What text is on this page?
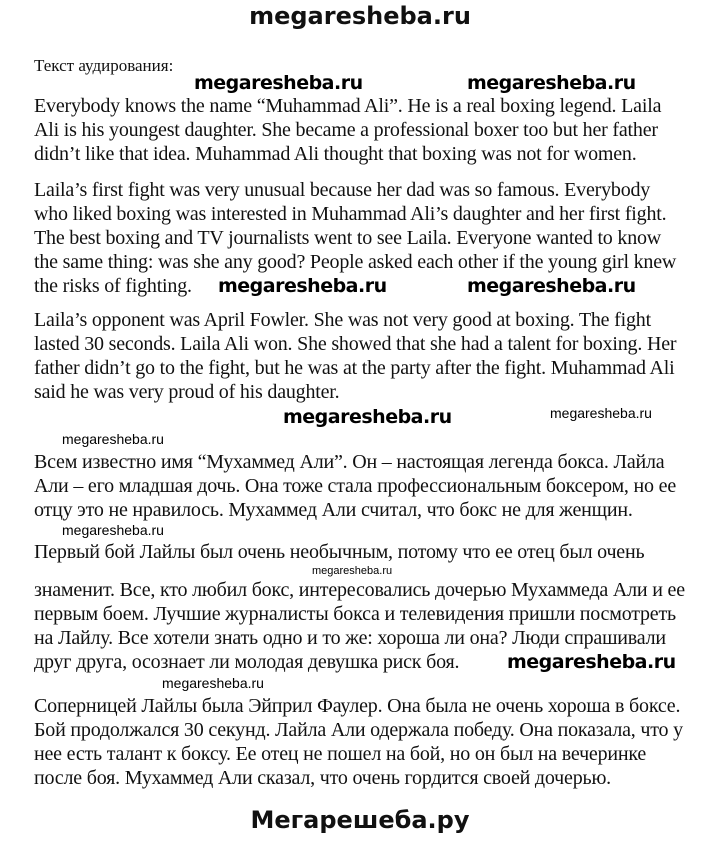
megaresheba.ru
Текст аудирования:
Everybody knows the name “Muhammad Ali”. He is a real boxing legend. Laila
Ali is his youngest daughter. She became a professional boxer too but her father
didn’t like that idea. Muhammad Ali thought that boxing was not for women.
Laila’s first fight was very unusual because her dad was so famous. Everybody
who liked boxing was interested in Muhammad Ali’s daughter and her first fight.
The best boxing and TV journalists went to see Laila. Everyone wanted to know
the same thing: was she any good? People asked each other if the young girl knew
the risks of fighting.
Laila’s opponent was April Fowler. She was not very good at boxing. The fight
lasted 30 seconds. Laila Ali won. She showed that she had a talent for boxing. Her
father didn’t go to the fight, but he was at the party after the fight. Muhammad Ali
said he was very proud of his daughter.
Всем известно имя “Мухаммед Али”. Он – настоящая легенда бокса. Лайла
Али – его младшая дочь. Она тоже стала профессиональным боксером, но ее
отцу это не нравилось. Мухаммед Али считал, что бокс не для женщин.
Первый бой Лайлы был очень необычным, потому что ее отец был очень
знаменит. Все, кто любил бокс, интересовались дочерью Мухаммеда Али и ее
первым боем. Лучшие журналисты бокса и телевидения пришли посмотреть
на Лайлу. Все хотели знать одно и то же: хороша ли она? Люди спрашивали
друг друга, осознает ли молодая девушка риск боя.
Соперницей Лайлы была Эйприл Фаулер. Она была не очень хороша в боксе.
Бой продолжался 30 секунд. Лайла Али одержала победу. Она показала, что у
нее есть талант к боксу. Ее отец не пошел на бой, но он был на вечеринке
после боя. Мухаммед Али сказал, что очень гордится своей дочерью.
megaresheba.ru	megaresheba.ru
megaresheba.ru	megaresheba.ru
megaresheba.ru
megaresheba.ru
megaresheba.ru
megaresheba.ru
megaresheba.ru
megaresheba.ru
megaresheba.ru
Мегарешеба.ру
